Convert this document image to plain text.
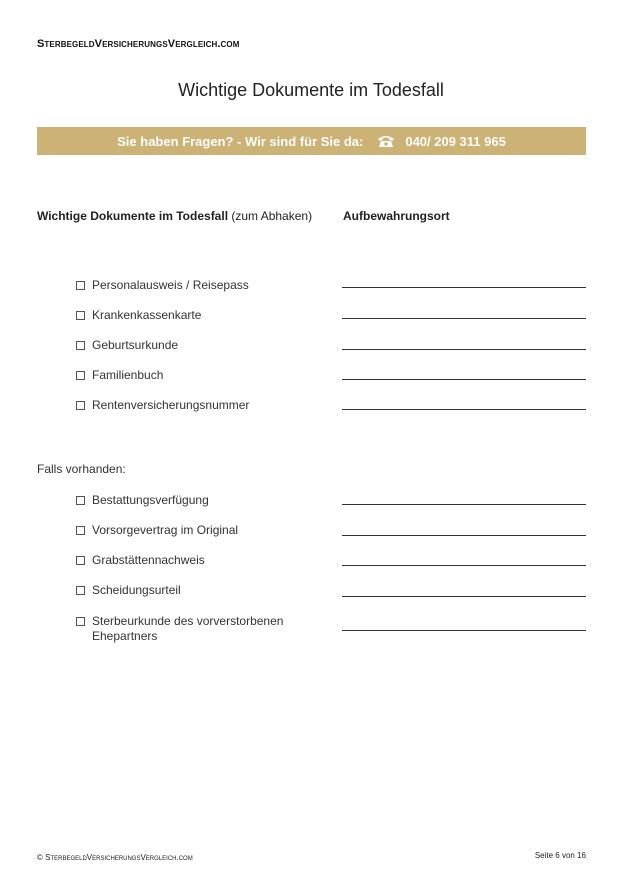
SterbegeldVersicherungsVergleich.com
Wichtige Dokumente im Todesfall
Sie haben Fragen? - Wir sind für Sie da:	040/ 209 311 965
Wichtige Dokumente im Todesfall (zum Abhaken)	Aufbewahrungsort
Personalausweis / Reisepass
Krankenkassenkarte
Geburtsurkunde
Familienbuch
Rentenversicherungsnummer
Falls vorhanden:
Bestattungsverfügung
Vorsorgevertrag im Original
Grabstättennachweis
Scheidungsurteil
Sterbeurkunde des vorverstorbenen Ehepartners
© SterbegeldVersicherungsVergleich.com	Seite 6 von 16
